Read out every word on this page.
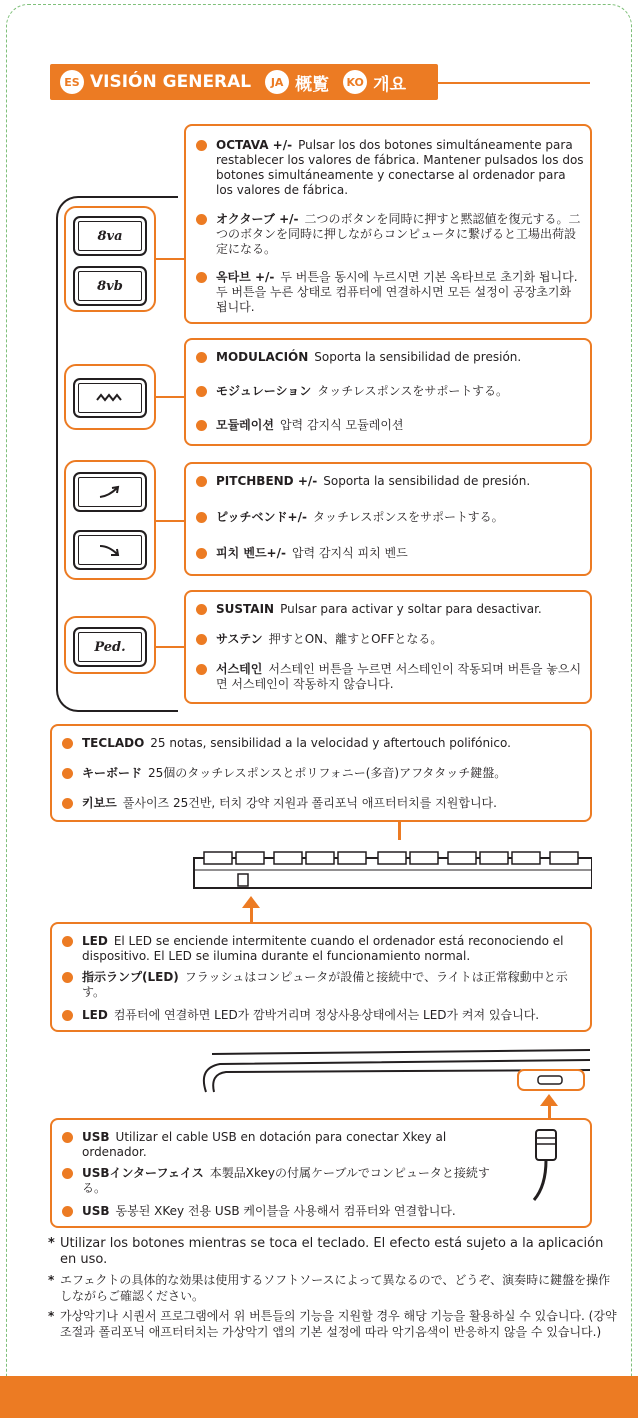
ES VISIÓN GENERAL	JA 概覧 KO 개요
8va
8vb
Ped.
OCTAVA +/- Pulsar los dos botones simultáneamente para restablecer los valores de fábrica. Mantener pulsados los dos botones simultáneamente y conectarse al ordenador para los valores de fábrica.
オクターブ +/- 二つのボタンを同時に押すと黙認値を復元する。二つのボタンを同時に押しながらコンピュータに繋げると工場出荷設定になる。
옥타브 +/- 두 버튼을 동시에 누르시면 기본 옥타브로 초기화 됩니다. 두 버튼을 누른 상태로 컴퓨터에 연결하시면 모든 설정이 공장초기화 됩니다.
MODULACIÓN Soporta la sensibilidad de presión.
モジュレーション タッチレスポンスをサポートする。
모듈레이션 압력 감지식 모듈레이션
PITCHBEND +/- Soporta la sensibilidad de presión.
ピッチベンド+/- タッチレスポンスをサポートする。
피치 벤드+/- 압력 감지식 피치 벤드
SUSTAIN Pulsar para activar y soltar para desactivar.
サステン 押すとON、離すとOFFとなる。
서스테인 서스테인 버튼을 누르면 서스테인이 작동되며 버튼을 놓으시면 서스테인이 작동하지 않습니다.
TECLADO 25 notas, sensibilidad a la velocidad y aftertouch polifónico.
キーボード 25個のタッチレスポンスとポリフォニー(多音)アフタタッチ鍵盤。
키보드 풀사이즈 25건반, 터치 강약 지원과 폴리포닉 애프터터치를 지원합니다.
LED El LED se enciende intermitente cuando el ordenador está reconociendo el dispositivo. El LED se ilumina durante el funcionamiento normal.
指示ランプ(LED) フラッシュはコンピュータが設備と接続中で、ライトは正常稼動中と示す。
LED 컴퓨터에 연결하면 LED가 깜박거리며 정상사용상태에서는 LED가 켜져 있습니다.
USB Utilizar el cable USB en dotación para conectar Xkey al ordenador.
USBインターフェイス 本製品Xkeyの付属ケーブルでコンピュータと接続する。
USB 동봉된 XKey 전용 USB 케이블을 사용해서 컴퓨터와 연결합니다.
* Utilizar los botones mientras se toca el teclado. El efecto está sujeto a la aplicación en uso.
* エフェクトの具体的な効果は使用するソフトソースによって異なるので、どうぞ、演奏時に鍵盤を操作しながらご確認ください。
* 가상악기나 시퀀서 프로그램에서 위 버튼들의 기능을 지원할 경우 해당 기능을 활용하실 수 있습니다. (강약 조절과 폴리포닉 애프터터치는 가상악기 앱의 기본 설정에 따라 악기음색이 반응하지 않을 수 있습니다.)
